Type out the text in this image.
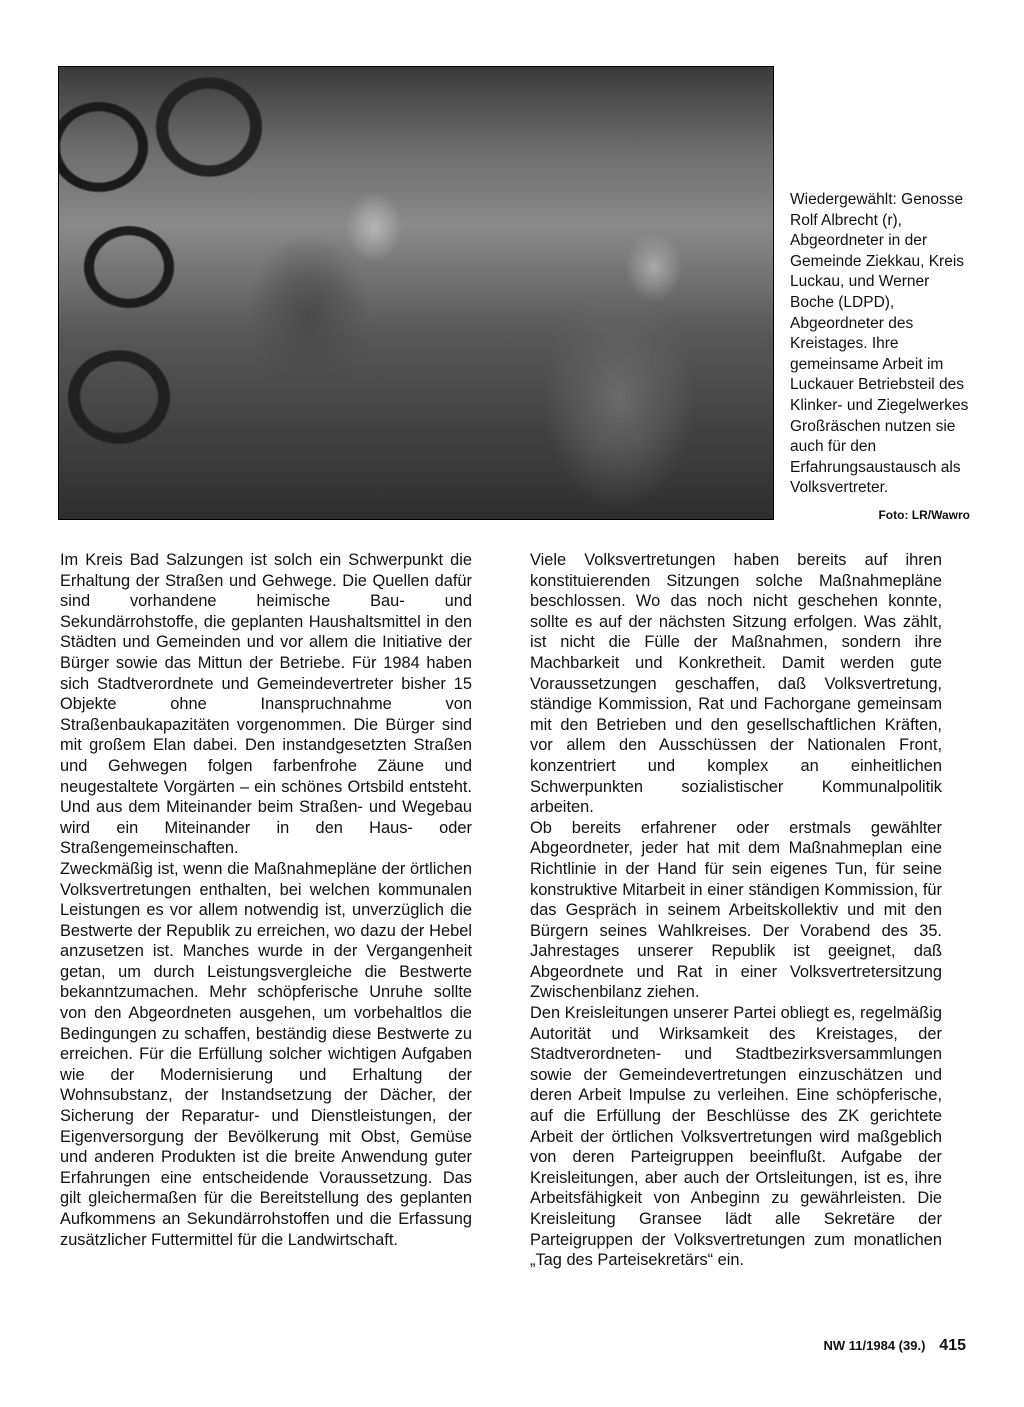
Wiedergewählt: Genosse Rolf Albrecht (r), Abgeordneter in der Gemeinde Ziekkau, Kreis Luckau, und Werner Boche (LDPD), Abgeordneter des Kreistages. Ihre gemeinsame Arbeit im Luckauer Betriebsteil des Klinker- und Ziegelwerkes Großräschen nutzen sie auch für den Erfahrungsaustausch als Volksvertreter.

Foto: LR/Wawro

Im Kreis Bad Salzungen ist solch ein Schwerpunkt die Erhaltung der Straßen und Gehwege. Die Quellen dafür sind vorhandene heimische Bau- und Sekundärrohstoffe, die geplanten Haushaltsmittel in den Städten und Gemeinden und vor allem die Initiative der Bürger sowie das Mittun der Betriebe. Für 1984 haben sich Stadtverordnete und Gemeindevertreter bisher 15 Objekte ohne Inanspruchnahme von Straßenbaukapazitäten vorgenommen. Die Bürger sind mit großem Elan dabei. Den instandgesetzten Straßen und Gehwegen folgen farbenfrohe Zäune und neugestaltete Vorgärten – ein schönes Ortsbild entsteht. Und aus dem Miteinander beim Straßen- und Wegebau wird ein Miteinander in den Haus- oder Straßengemeinschaften.

Zweckmäßig ist, wenn die Maßnahmepläne der örtlichen Volksvertretungen enthalten, bei welchen kommunalen Leistungen es vor allem notwendig ist, unverzüglich die Bestwerte der Republik zu erreichen, wo dazu der Hebel anzusetzen ist. Manches wurde in der Vergangenheit getan, um durch Leistungsvergleiche die Bestwerte bekanntzumachen. Mehr schöpferische Unruhe sollte von den Abgeordneten ausgehen, um vorbehaltlos die Bedingungen zu schaffen, beständig diese Bestwerte zu erreichen. Für die Erfüllung solcher wichtigen Aufgaben wie der Modernisierung und Erhaltung der Wohnsubstanz, der Instandsetzung der Dächer, der Sicherung der Reparatur- und Dienstleistungen, der Eigenversorgung der Bevölkerung mit Obst, Gemüse und anderen Produkten ist die breite Anwendung guter Erfahrungen eine entscheidende Voraussetzung. Das gilt gleichermaßen für die Bereitstellung des geplanten Aufkommens an Sekundärrohstoffen und die Erfassung zusätzlicher Futtermittel für die Landwirtschaft.

Viele Volksvertretungen haben bereits auf ihren konstituierenden Sitzungen solche Maßnahmepläne beschlossen. Wo das noch nicht geschehen konnte, sollte es auf der nächsten Sitzung erfolgen. Was zählt, ist nicht die Fülle der Maßnahmen, sondern ihre Machbarkeit und Konkretheit. Damit werden gute Voraussetzungen geschaffen, daß Volksvertretung, ständige Kommission, Rat und Fachorgane gemeinsam mit den Betrieben und den gesellschaftlichen Kräften, vor allem den Ausschüssen der Nationalen Front, konzentriert und komplex an einheitlichen Schwerpunkten sozialistischer Kommunalpolitik arbeiten.

Ob bereits erfahrener oder erstmals gewählter Abgeordneter, jeder hat mit dem Maßnahmeplan eine Richtlinie in der Hand für sein eigenes Tun, für seine konstruktive Mitarbeit in einer ständigen Kommission, für das Gespräch in seinem Arbeitskollektiv und mit den Bürgern seines Wahlkreises. Der Vorabend des 35. Jahrestages unserer Republik ist geeignet, daß Abgeordnete und Rat in einer Volksvertretersitzung Zwischenbilanz ziehen.

Den Kreisleitungen unserer Partei obliegt es, regelmäßig Autorität und Wirksamkeit des Kreistages, der Stadtverordneten- und Stadtbezirksversammlungen sowie der Gemeindevertretungen einzuschätzen und deren Arbeit Impulse zu verleihen. Eine schöpferische, auf die Erfüllung der Beschlüsse des ZK gerichtete Arbeit der örtlichen Volksvertretungen wird maßgeblich von deren Parteigruppen beeinflußt. Aufgabe der Kreisleitungen, aber auch der Ortsleitungen, ist es, ihre Arbeitsfähigkeit von Anbeginn zu gewährleisten. Die Kreisleitung Gransee lädt alle Sekretäre der Parteigruppen der Volksvertretungen zum monatlichen „Tag des Parteisekretärs“ ein.

NW 11/1984 (39.) 415
